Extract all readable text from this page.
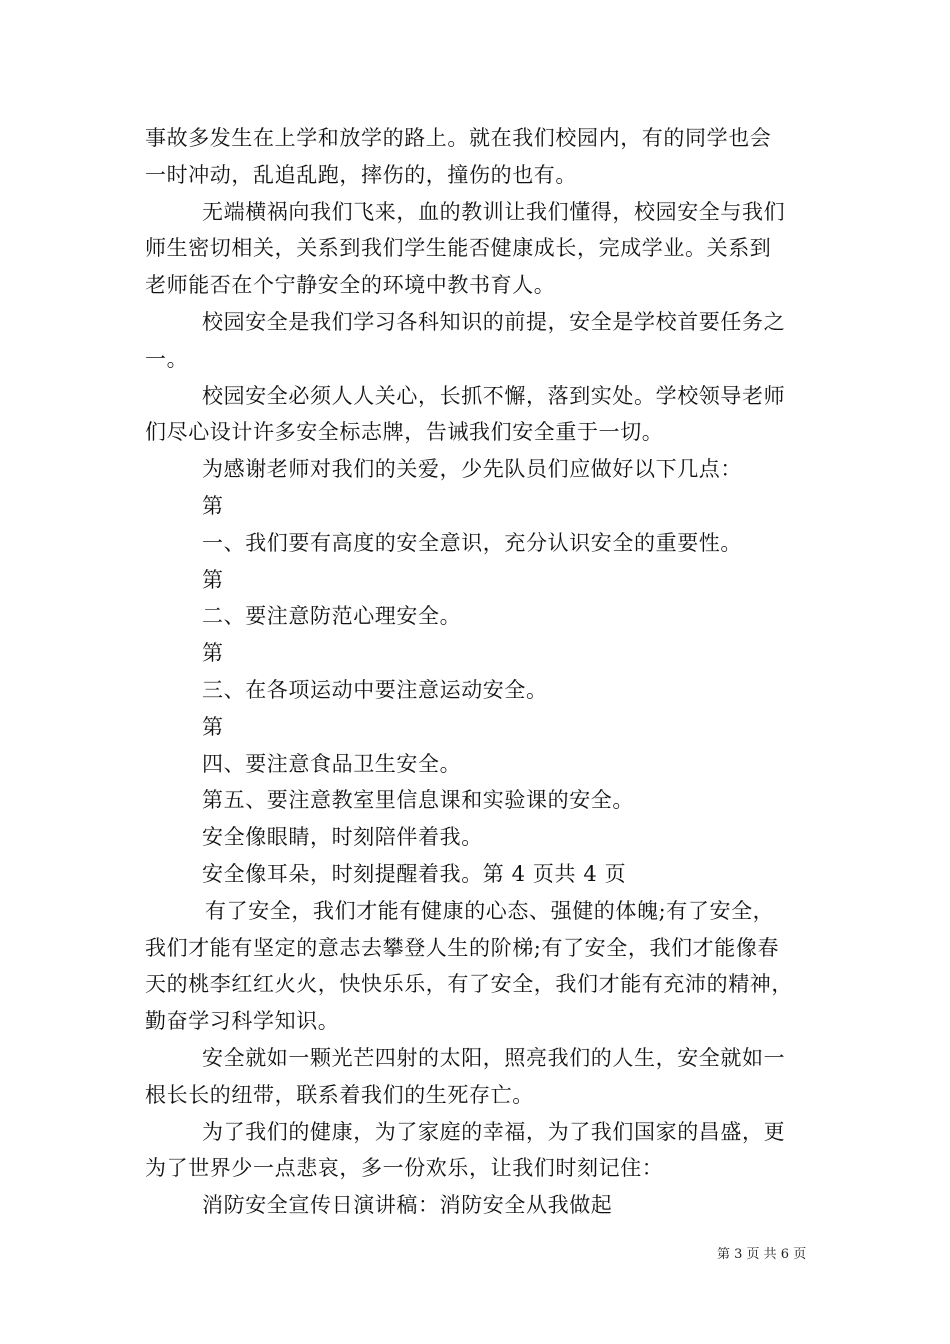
事故多发生在上学和放学的路上。就在我们校园内，有的同学也会
一时冲动，乱追乱跑，摔伤的，撞伤的也有。
无端横祸向我们飞来，血的教训让我们懂得，校园安全与我们
师生密切相关，关系到我们学生能否健康成长，完成学业。关系到
老师能否在个宁静安全的环境中教书育人。
校园安全是我们学习各科知识的前提，安全是学校首要任务之
一。
校园安全必须人人关心，长抓不懈，落到实处。学校领导老师
们尽心设计许多安全标志牌，告诫我们安全重于一切。
为感谢老师对我们的关爱，少先队员们应做好以下几点：
第
一、我们要有高度的安全意识，充分认识安全的重要性。
第
二、要注意防范心理安全。
第
三、在各项运动中要注意运动安全。
第
四、要注意食品卫生安全。
第五、要注意教室里信息课和实验课的安全。
安全像眼睛，时刻陪伴着我。
安全像耳朵，时刻提醒着我。第 4 页共 4 页
有了安全，我们才能有健康的心态、强健的体魄;有了安全，
我们才能有坚定的意志去攀登人生的阶梯;有了安全，我们才能像春
天的桃李红红火火，快快乐乐，有了安全，我们才能有充沛的精神，
勤奋学习科学知识。
安全就如一颗光芒四射的太阳，照亮我们的人生，安全就如一
根长长的纽带，联系着我们的生死存亡。
为了我们的健康，为了家庭的幸福，为了我们国家的昌盛，更
为了世界少一点悲哀，多一份欢乐，让我们时刻记住：
消防安全宣传日演讲稿：消防安全从我做起
第 3 页 共 6 页
